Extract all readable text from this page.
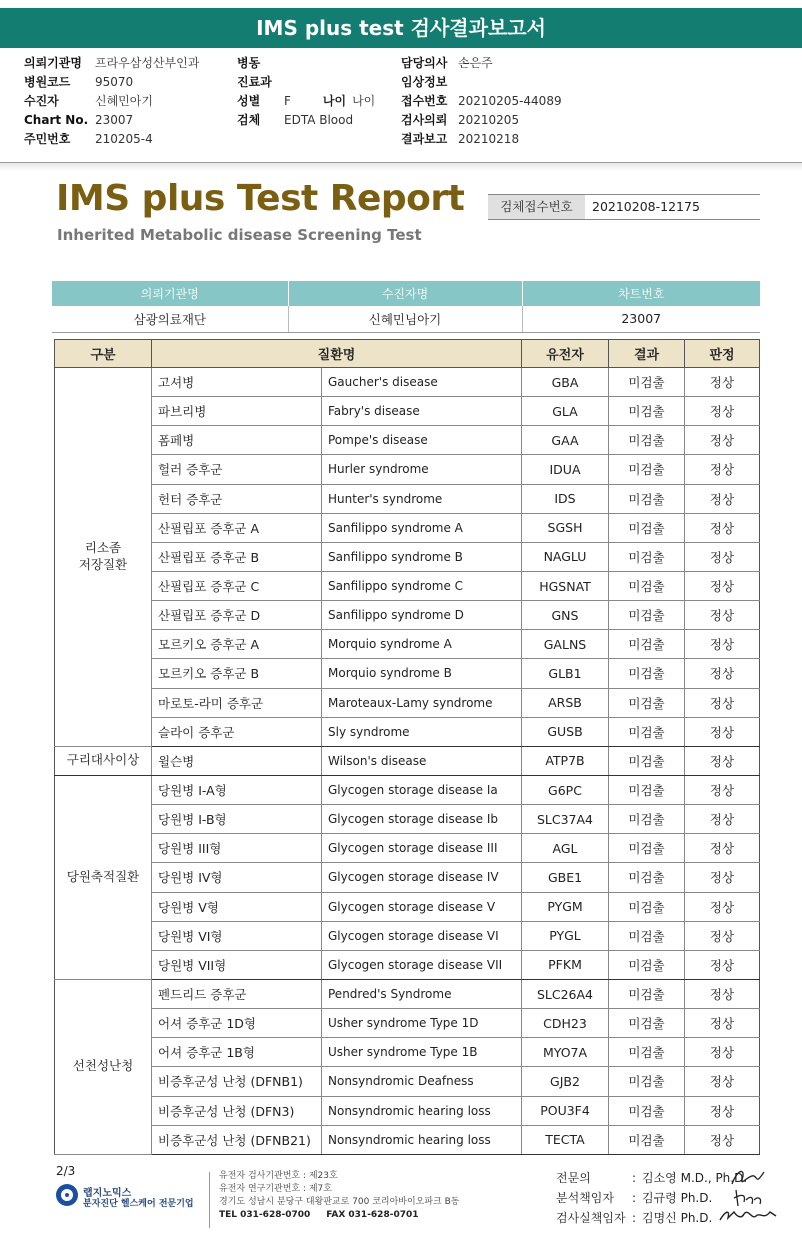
IMS plus test 검사결과보고서
의뢰기관명 프라우삼성산부인과
병원코드 95070
수진자	신혜민아기
Chart No. 23007
주민번호 210205-4
병동
진료과
성별 F	나이 나이
검체 EDTA Blood
담당의사 손은주
임상정보
접수번호 20210205-44089
검사의뢰 20210205
결과보고 20210218
IMS plus Test Report
Inherited Metabolic disease Screening Test
검체접수번호	20210208-12175
의뢰기관명	수진자명	차트번호
삼광의료재단	신혜민님아기	23007
구분	질환명		유전자	결과	판정

리소좀
저장질환	고셔병	Gaucher's disease	GBA	미검출	정상
	파브리병	Fabry's disease	GLA	미검출	정상
	폼페병	Pompe's disease	GAA	미검출	정상
	헐러 증후군	Hurler syndrome	IDUA	미검출	정상
	헌터 증후군	Hunter's syndrome	IDS	미검출	정상
	산필립포 증후군 A	Sanfilippo syndrome A	SGSH	미검출	정상
	산필립포 증후군 B	Sanfilippo syndrome B	NAGLU	미검출	정상
	산필립포 증후군 C	Sanfilippo syndrome C	HGSNAT	미검출	정상
	산필립포 증후군 D	Sanfilippo syndrome D	GNS	미검출	정상
	모르키오 증후군 A	Morquio syndrome A	GALNS	미검출	정상
	모르키오 증후군 B	Morquio syndrome B	GLB1	미검출	정상
	마로토-라미 증후군	Maroteaux-Lamy syndrome	ARSB	미검출	정상
	슬라이 증후군	Sly syndrome	GUSB	미검출	정상

구리대사이상	윌슨병	Wilson's disease	ATP7B	미검출	정상

당원축적질환	당원병 I-A형	Glycogen storage disease Ia	G6PC	미검출	정상
	당원병 I-B형	Glycogen storage disease Ib	SLC37A4	미검출	정상
	당원병 III형	Glycogen storage disease III	AGL	미검출	정상
	당원병 IV형	Glycogen storage disease IV	GBE1	미검출	정상
	당원병 V형	Glycogen storage disease V	PYGM	미검출	정상
	당원병 VI형	Glycogen storage disease VI	PYGL	미검출	정상
	당원병 VII형	Glycogen storage disease VII	PFKM	미검출	정상

선천성난청	펜드리드 증후군	Pendred's Syndrome	SLC26A4	미검출	정상
	어셔 증후군 1D형	Usher syndrome Type 1D	CDH23	미검출	정상
	어셔 증후군 1B형	Usher syndrome Type 1B	MYO7A	미검출	정상
	비증후군성 난청 (DFNB1)	Nonsyndromic Deafness	GJB2	미검출	정상
	비증후군성 난청 (DFN3)	Nonsyndromic hearing loss	POU3F4	미검출	정상
	비증후군성 난청 (DFNB21)	Nonsyndromic hearing loss	TECTA	미검출	정상
2/3
랩지노믹스
분자진단 헬스케어 전문기업
유전자 검사기관번호 : 제23호
유전자 연구기관번호 : 제7호
경기도 성남시 분당구 대왕판교로 700 코리아바이오파크 B동
TEL 031-628-0700 FAX 031-628-0701
전문의	: 김소영 M.D., Ph.D.
분석책임자 : 김규령 Ph.D.
검사실책임자 : 김명신 Ph.D.
